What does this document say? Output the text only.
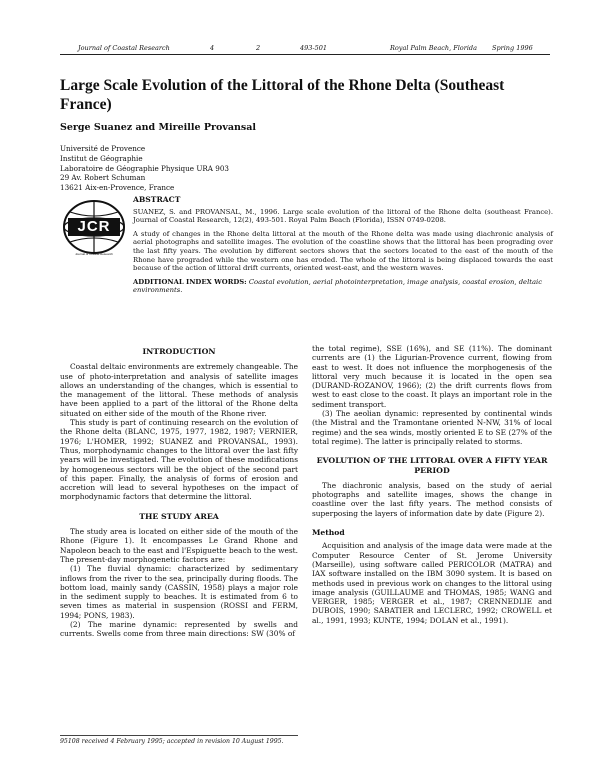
Journal of Coastal Research	4	2	493-501	Royal Palm Beach, Florida Spring 1996
Large Scale Evolution of the Littoral of the Rhone Delta (Southeast France)
Serge Suanez and Mireille Provansal
Université de Provence
Institut de Géographie
Laboratoire de Géographie Physique URA 903
29 Av. Robert Schuman
13621 Aix-en-Provence, France
JCR
Journal of Coastal Research
ABSTRACT
SUANEZ, S. and PROVANSAL, M., 1996. Large scale evolution of the littoral of the Rhone delta (southeast France). Journal of Coastal Research, 12(2), 493-501. Royal Palm Beach (Florida), ISSN 0749-0208.
A study of changes in the Rhone delta littoral at the mouth of the Rhone delta was made using diachronic analysis of aerial photographs and satellite images. The evolution of the coastline shows that the littoral has been prograding over the last fifty years. The evolution by different sectors shows that the sectors located to the east of the mouth of the Rhone have prograded while the western one has eroded. The whole of the littoral is being displaced towards the east because of the action of littoral drift currents, oriented west-east, and the western waves.
ADDITIONAL INDEX WORDS: Coastal evolution, aerial photointerpretation, image analysis, coastal erosion, deltaic environments.
INTRODUCTION

Coastal deltaic environments are extremely changeable. The use of photo-interpretation and analysis of satellite images allows an understanding of the changes, which is essential to the management of the littoral. These methods of analysis have been applied to a part of the littoral of the Rhone delta situated on either side of the mouth of the Rhone river.

This study is part of continuing research on the evolution of the Rhone delta (BLANC, 1975, 1977, 1982, 1987; VERNIER, 1976; L'HOMER, 1992; SUANEZ and PROVANSAL, 1993). Thus, morphodynamic changes to the littoral over the last fifty years will be investigated. The evolution of these modifications by homogeneous sectors will be the object of the second part of this paper. Finally, the analysis of forms of erosion and accretion will lead to several hypotheses on the impact of morphodynamic factors that determine the littoral.

THE STUDY AREA

The study area is located on either side of the mouth of the Rhone (Figure 1). It encompasses Le Grand Rhone and Napoleon beach to the east and l'Espiguette beach to the west. The present-day morphogenetic factors are:

(1) The fluvial dynamic: characterized by sedimentary inflows from the river to the sea, principally during floods. The bottom load, mainly sandy (CASSIN, 1958) plays a major role in the sediment supply to beaches. It is estimated from 6 to seven times as material in suspension (ROSSI and FERM, 1994; PONS, 1983).

(2) The marine dynamic: represented by swells and currents. Swells come from three main directions: SW (30% of

95108 received 4 February 1995; accepted in revision 10 August 1995.

the total regime), SSE (16%), and SE (11%). The dominant currents are (1) the Ligurian-Provence current, flowing from east to west. It does not influence the morphogenesis of the littoral very much because it is located in the open sea (DURAND-ROZANOV, 1966); (2) the drift currents flows from west to east close to the coast. It plays an important role in the sediment transport.

(3) The aeolian dynamic: represented by continental winds (the Mistral and the Tramontane oriented N-NW, 31% of local regime) and the sea winds, mostly oriented E to SE (27% of the total regime). The latter is principally related to storms.

EVOLUTION OF THE LITTORAL OVER A FIFTY YEAR PERIOD

The diachronic analysis, based on the study of aerial photographs and satellite images, shows the change in coastline over the last fifty years. The method consists of superposing the layers of information date by date (Figure 2).

Method

Acquisition and analysis of the image data were made at the Computer Resource Center of St. Jerome University (Marseille), using software called PERICOLOR (MATRA) and IAX software installed on the IBM 3090 system. It is based on methods used in previous work on changes to the littoral using image analysis (GUILLAUME and THOMAS, 1985; WANG and VERGER, 1985; VERGER et al., 1987; CRENNEDLIE and DUBOIS, 1990; SABATIER and LECLERC, 1992; CROWELL et al., 1991, 1993; KUNTE, 1994; DOLAN et al., 1991).
